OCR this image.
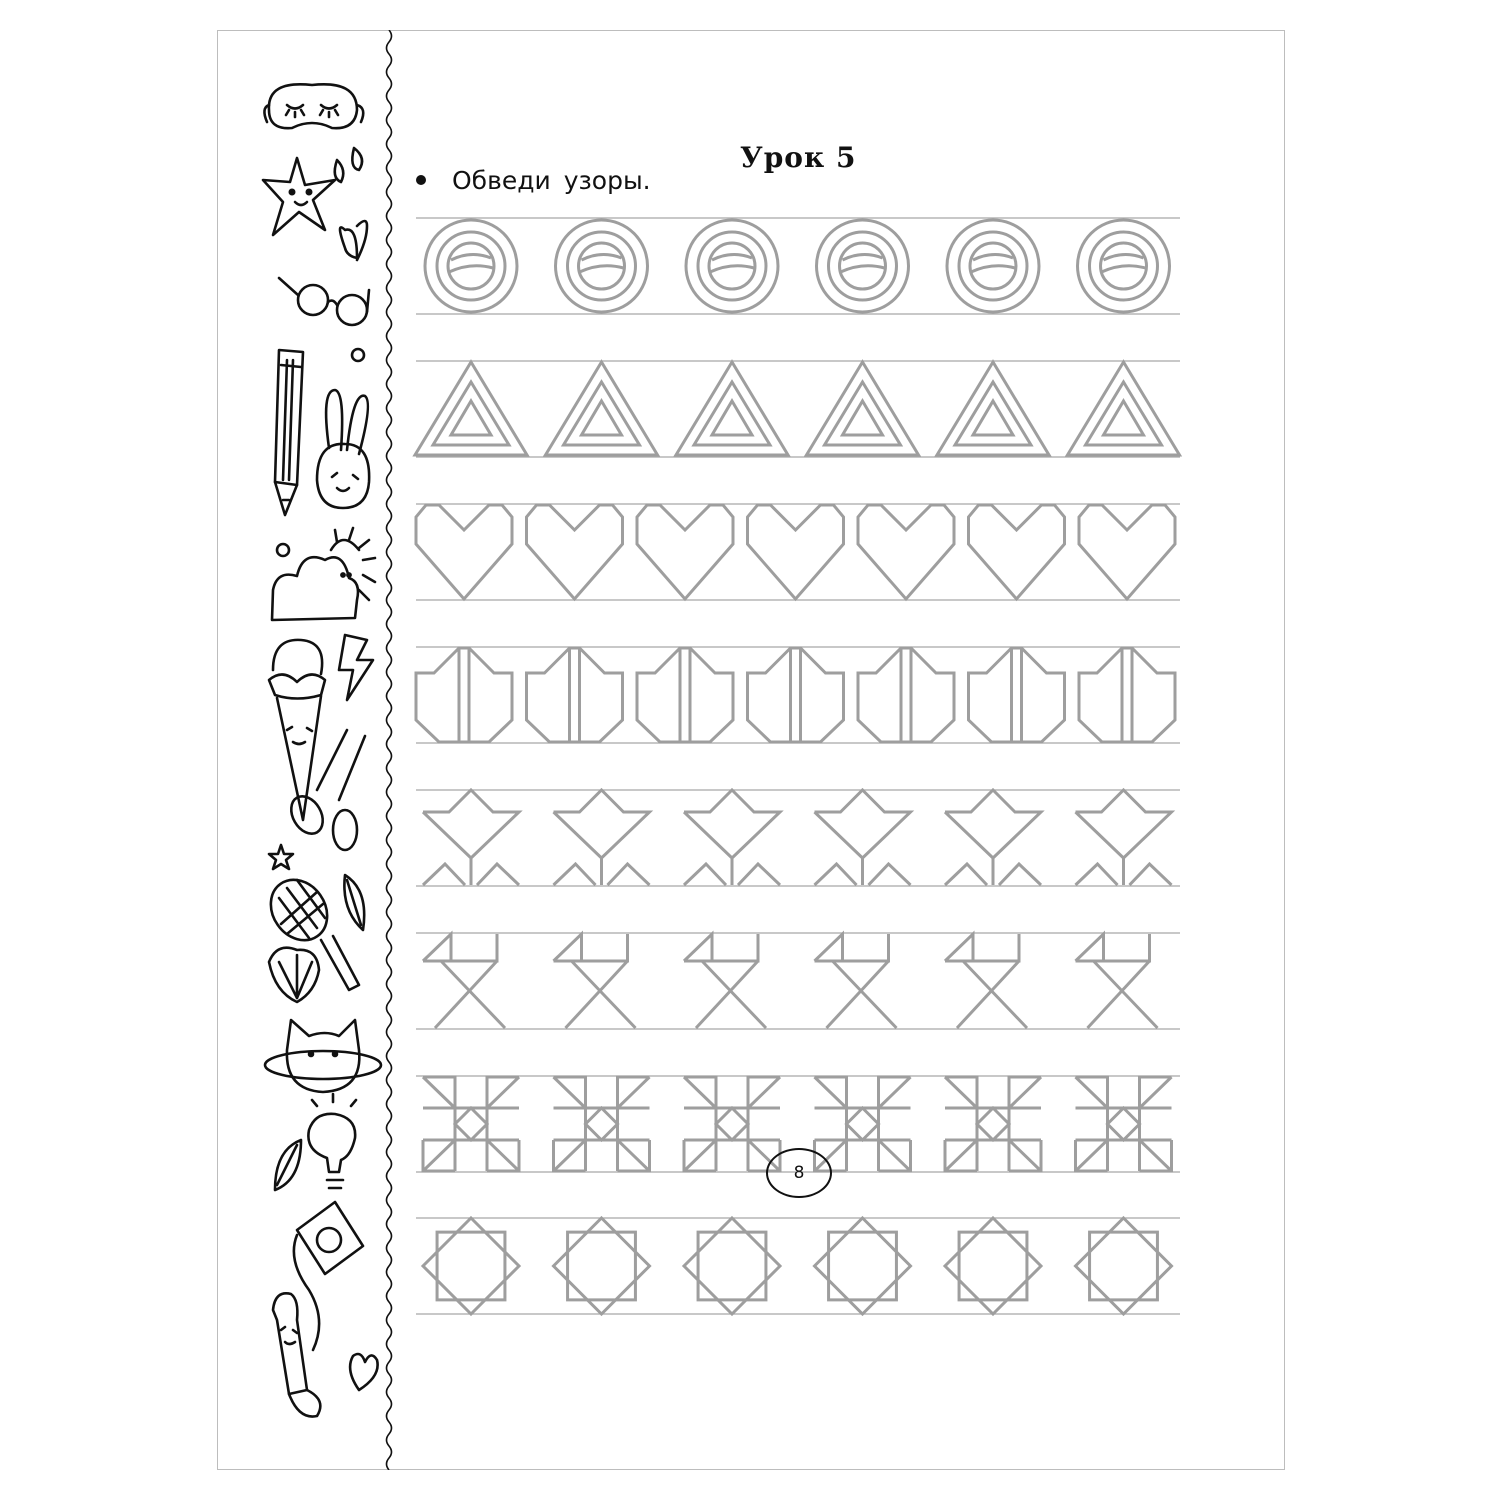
Урок 5
Обведи узоры.
8
